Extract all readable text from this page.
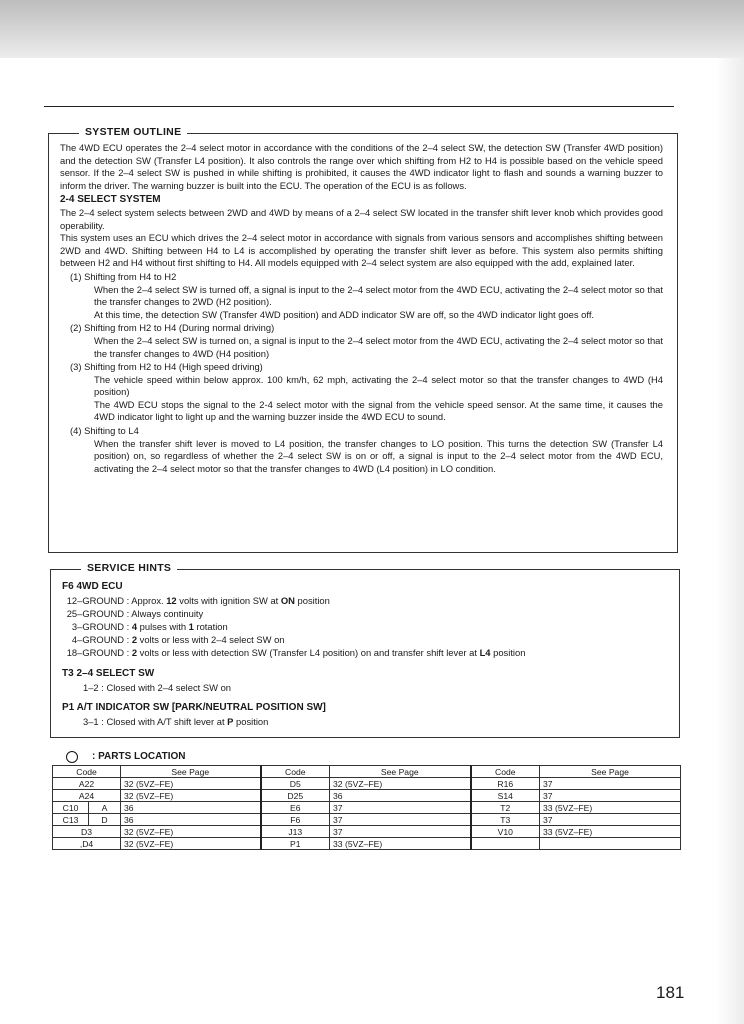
SYSTEM OUTLINE

The 4WD ECU operates the 2–4 select motor in accordance with the conditions of the 2–4 select SW, the detection SW (Transfer 4WD position) and the detection SW (Transfer L4 position). It also controls the range over which shifting from H2 to H4 is possible based on the vehicle speed sensor. If the 2–4 select SW is pushed in while shifting is prohibited, it causes the 4WD indicator light to flash and sounds a warning buzzer to inform the driver. The warning buzzer is built into the ECU. The operation of the ECU is as follows.

2-4 SELECT SYSTEM

The 2–4 select system selects between 2WD and 4WD by means of a 2–4 select SW located in the transfer shift lever knob which provides good operability.

This system uses an ECU which drives the 2–4 select motor in accordance with signals from various sensors and accomplishes shifting between 2WD and 4WD. Shifting between H4 to L4 is accomplished by operating the transfer shift lever as before. This system also permits shifting between H2 and H4 without first shifting to H4. All models equipped with 2–4 select system are also equipped with the add, explained later.

(1) Shifting from H4 to H2

When the 2–4 select SW is turned off, a signal is input to the 2–4 select motor from the 4WD ECU, activating the 2–4 select motor so that the transfer changes to 2WD (H2 position).

At this time, the detection SW (Transfer 4WD position) and ADD indicator SW are off, so the 4WD indicator light goes off.

(2) Shifting from H2 to H4 (During normal driving)

When the 2–4 select SW is turned on, a signal is input to the 2–4 select motor from the 4WD ECU, activating the 2–4 select motor so that the transfer changes to 4WD (H4 position)

(3) Shifting from H2 to H4 (High speed driving)

The vehicle speed within below approx. 100 km/h, 62 mph, activating the 2–4 select motor so that the transfer changes to 4WD (H4 position)

The 4WD ECU stops the signal to the 2-4 select motor with the signal from the vehicle speed sensor. At the same time, it causes the 4WD indicator light to light up and the warning buzzer inside the 4WD ECU to sound.

(4) Shifting to L4

When the transfer shift lever is moved to L4 position, the transfer changes to LO position. This turns the detection SW (Transfer L4 position) on, so regardless of whether the 2–4 select SW is on or off, a signal is input to the 2–4 select motor from the 4WD ECU, activating the 2–4 select motor so that the transfer changes to 4WD (L4 position) in LO condition.

SERVICE HINTS
F6 4WD ECU
12–GROUND : Approx. 12 volts with ignition SW at ON position
25–GROUND : Always continuity
3–GROUND : 4 pulses with 1 rotation
4–GROUND : 2 volts or less with 2–4 select SW on
18–GROUND : 2 volts or less with detection SW (Transfer L4 position) on and transfer shift lever at L4 position
T3 2–4 SELECT SW
1–2 : Closed with 2–4 select SW on
P1 A/T INDICATOR SW [PARK/NEUTRAL POSITION SW]
3–1 : Closed with A/T shift lever at P position
: PARTS LOCATION
Code		See Page	Code	See Page	Code	See Page
A22		32 (5VZ–FE)	D5	32 (5VZ–FE)	R16	37
A24		32 (5VZ–FE)	D25	36	S14	37
C10	A	36	E6	37	T2	33 (5VZ–FE)
C13	D	36	F6	37	T3	37
D3		32 (5VZ–FE)	J13	37	V10	33 (5VZ–FE)
,D4		32 (5VZ–FE)	P1	33 (5VZ–FE)		
181
